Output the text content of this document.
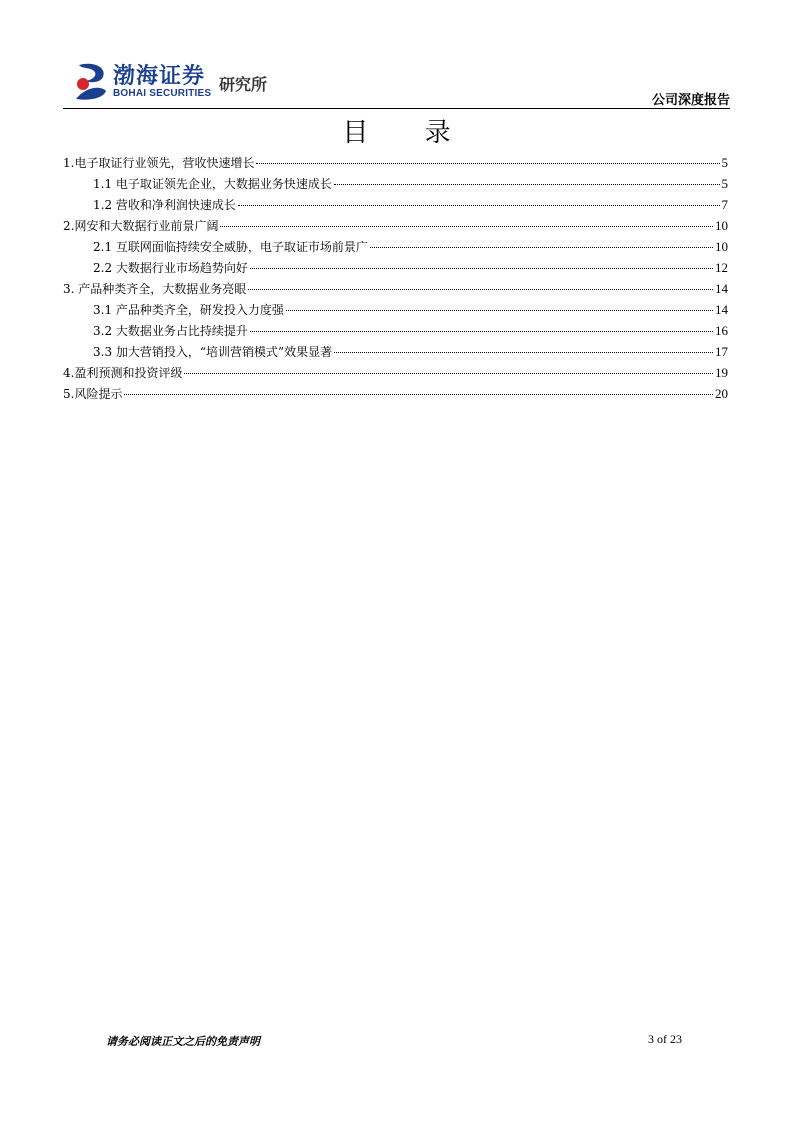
渤海证券
BOHAI SECURITIES 研究所
公司深度报告
目 录
1.电子取证行业领先，营收快速增长	5
1.1 电子取证领先企业，大数据业务快速成长	5
1.2 营收和净利润快速成长	7
2.网安和大数据行业前景广阔	10
2.1 互联网面临持续安全威胁，电子取证市场前景广	10
2.2 大数据行业市场趋势向好	12
3. 产品种类齐全，大数据业务亮眼	14
3.1 产品种类齐全，研发投入力度强	14
3.2 大数据业务占比持续提升	16
3.3 加大营销投入，“培训营销模式”效果显著	17
4.盈利预测和投资评级	19
5.风险提示	20
请务必阅读正文之后的免责声明	3 of 23
